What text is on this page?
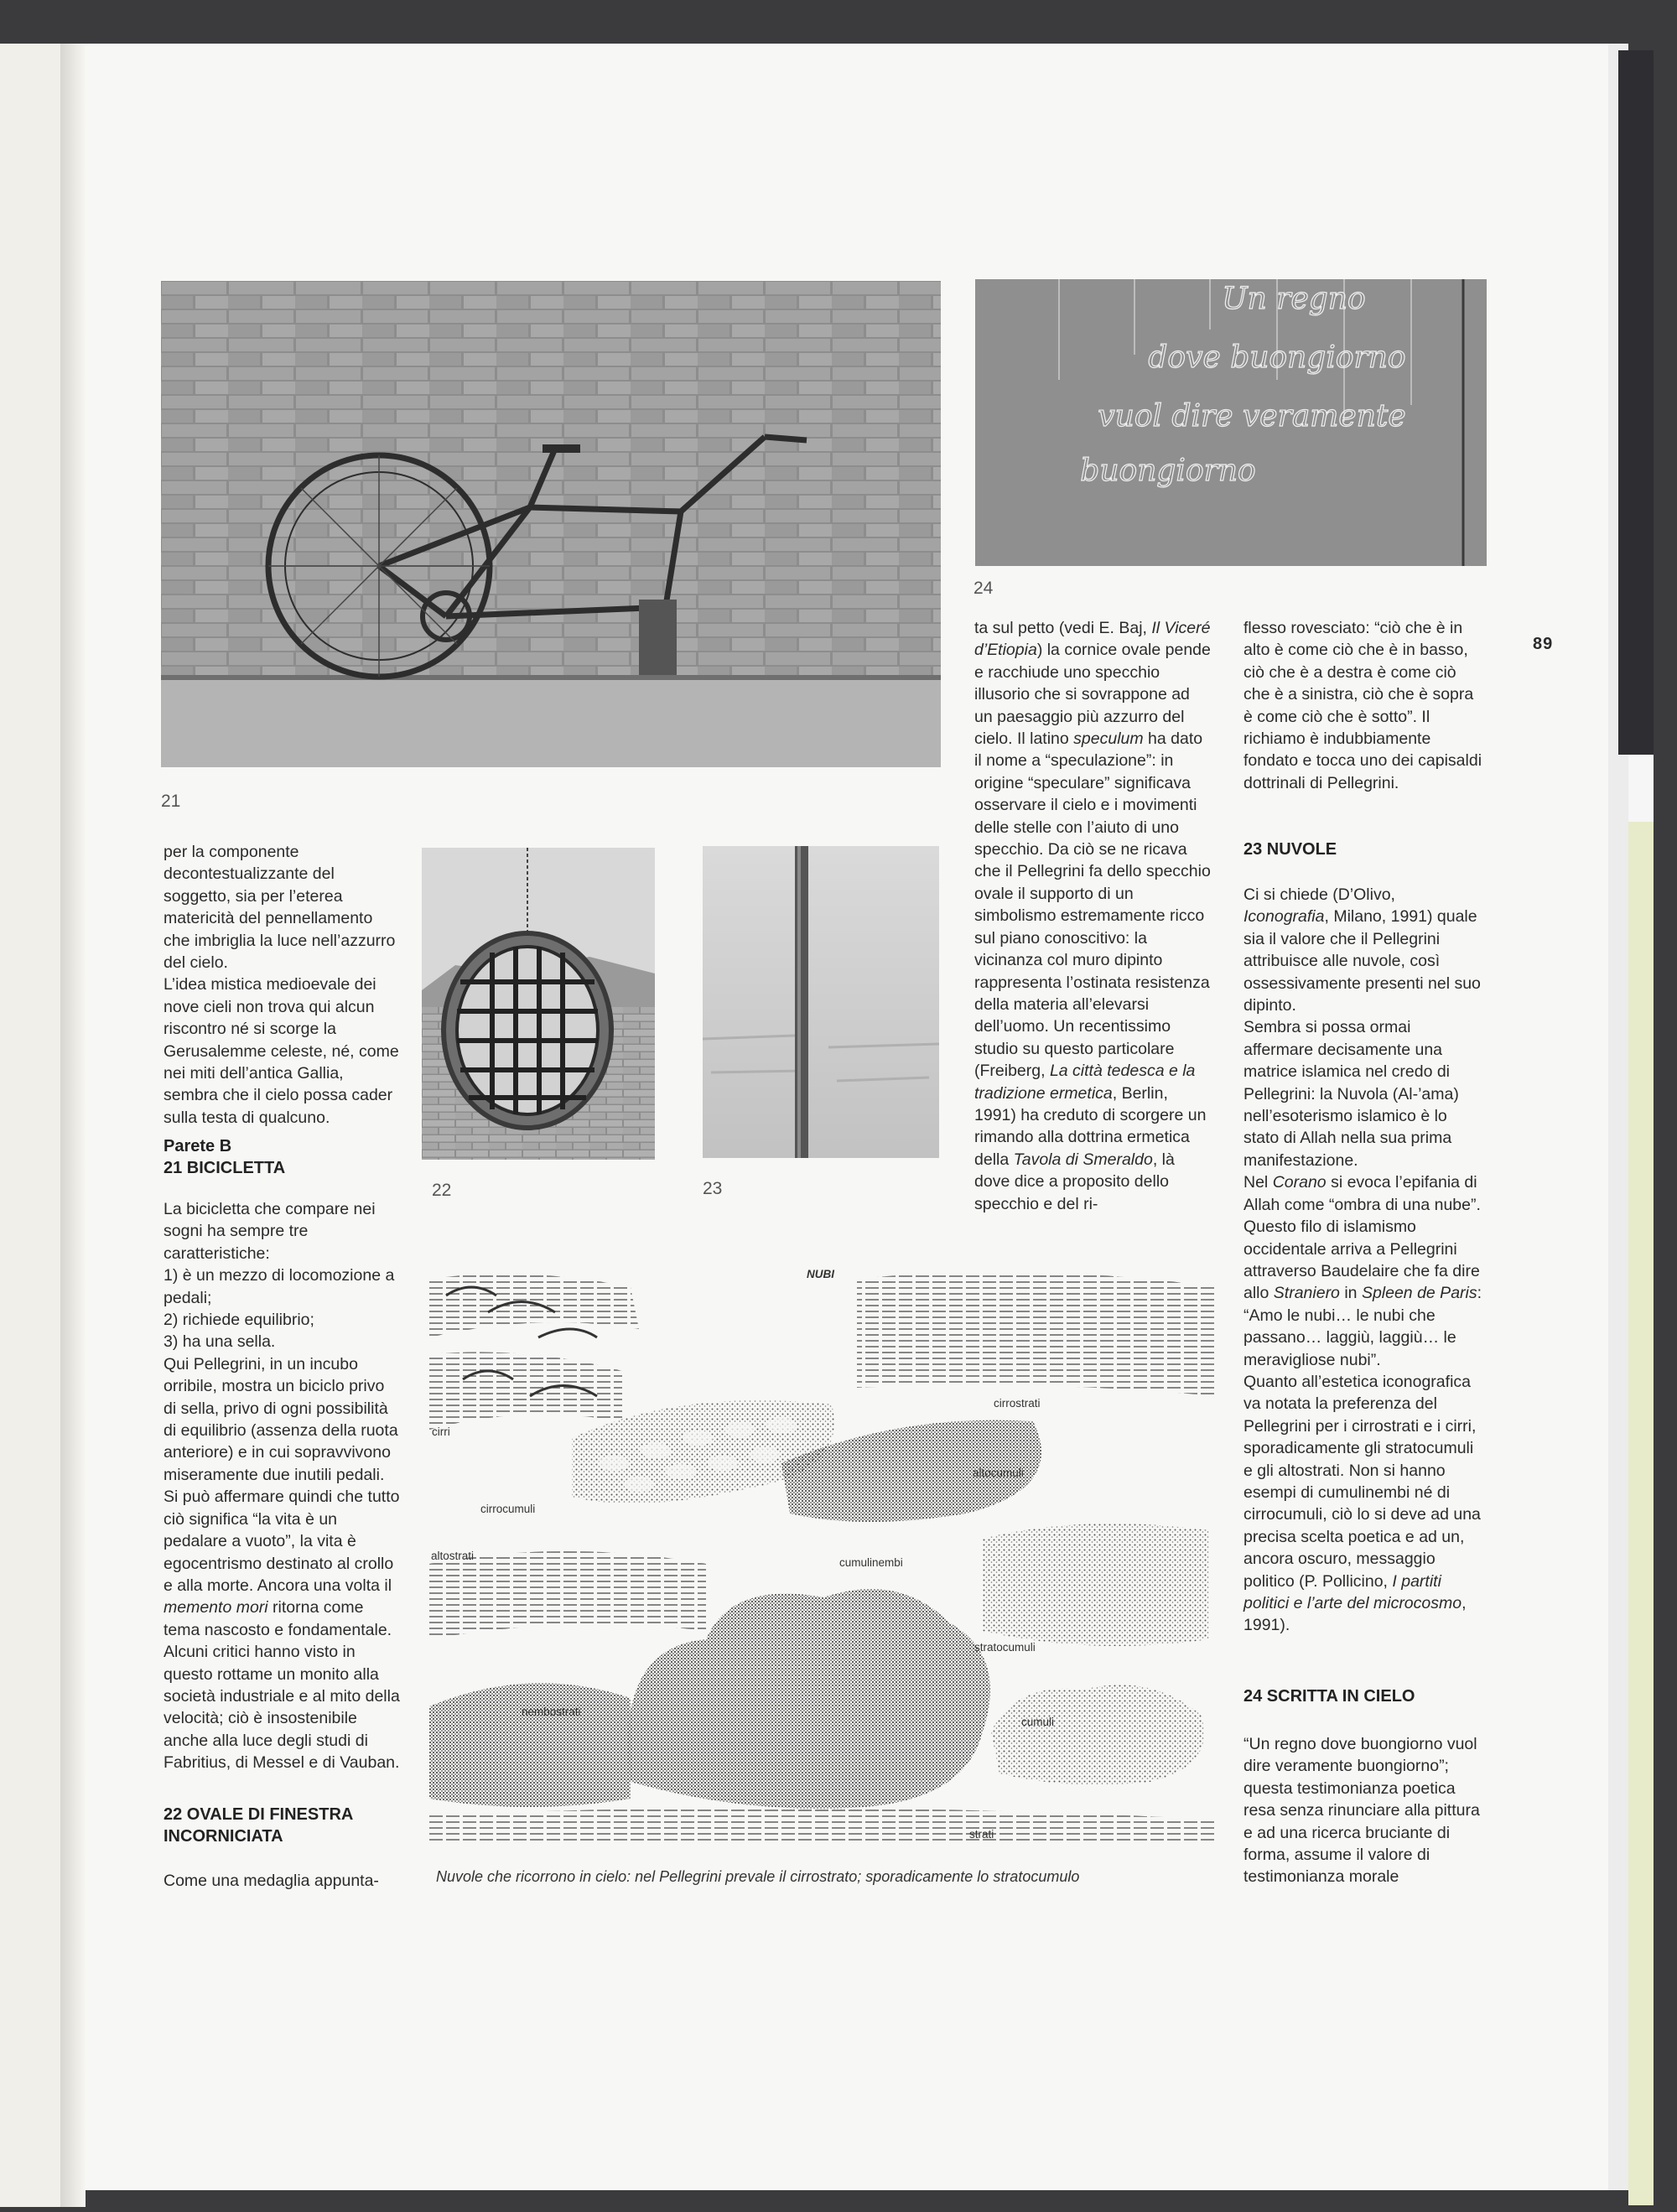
89
21
Un regno
dove buongiorno
vuol dire veramente
buongiorno
24
22	23

per la componente decontestualizzante del soggetto, sia per l’eterea matericità del pennellamento che imbriglia la luce nell’azzurro del cielo.

L’idea mistica medioevale dei nove cieli non trova qui alcun riscontro né si scorge la Gerusalemme celeste, né, come nei miti dell’antica Gallia, sembra che il cielo possa cader sulla testa di qualcuno.

Parete B
21 BICICLETTA

La bicicletta che compare nei sogni ha sempre tre caratteristiche:

1) è un mezzo di locomozione a pedali;

2) richiede equilibrio;

3) ha una sella.

Qui Pellegrini, in un incubo orribile, mostra un biciclo privo di sella, privo di ogni possibilità di equilibrio (assenza della ruota anteriore) e in cui sopravvivono miseramente due inutili pedali. Si può affermare quindi che tutto ciò significa “la vita è un pedalare a vuoto”, la vita è egocentrismo destinato al crollo e alla morte. Ancora una volta il memento mori ritorna come tema nascosto e fondamentale. Alcuni critici hanno visto in questo rottame un monito alla società industriale e al mito della velocità; ciò è insostenibile anche alla luce degli studi di Fabritius, di Messel e di Vauban.

22 OVALE DI FINESTRA INCORNICIATA
Come una medaglia appunta-

ta sul petto (vedi E. Baj, Il Viceré d’Etiopia) la cornice ovale pende e racchiude uno specchio illusorio che si sovrappone ad un paesaggio più azzurro del cielo. Il latino speculum ha dato il nome a “speculazione”: in origine “speculare” significava osservare il cielo e i movimenti delle stelle con l’aiuto di uno specchio. Da ciò se ne ricava che il Pellegrini fa dello specchio ovale il supporto di un simbolismo estremamente ricco sul piano conoscitivo: la vicinanza col muro dipinto rappresenta l’ostinata resistenza della materia all’elevarsi dell’uomo. Un recentissimo studio su questo particolare (Freiberg, La città tedesca e la tradizione ermetica, Berlin, 1991) ha creduto di scorgere un rimando alla dottrina ermetica della Tavola di Smeraldo, là dove dice a proposito dello specchio e del ri-

flesso rovesciato: “ciò che è in alto è come ciò che è in basso, ciò che è a destra è come ciò che è a sinistra, ciò che è sopra è come ciò che è sotto”. Il richiamo è indubbiamente fondato e tocca uno dei capisaldi dottrinali di Pellegrini.
23 NUVOLE

Ci si chiede (D’Olivo, Iconografia, Milano, 1991) quale sia il valore che il Pellegrini attribuisce alle nuvole, così ossessivamente presenti nel suo dipinto.

Sembra si possa ormai affermare decisamente una matrice islamica nel credo di Pellegrini: la Nuvola (Al-’ama) nell’esoterismo islamico è lo stato di Allah nella sua prima manifestazione.

Nel Corano si evoca l’epifania di Allah come “ombra di una nube”. Questo filo di islamismo occidentale arriva a Pellegrini attraverso Baudelaire che fa dire allo Straniero in Spleen de Paris: “Amo le nubi… le nubi che passano… laggiù, laggiù… le meravigliose nubi”.

Quanto all’estetica iconografica va notata la preferenza del Pellegrini per i cirrostrati e i cirri, sporadicamente gli stratocumuli e gli altostrati. Non si hanno esempi di cumulinembi né di cirrocumuli, ciò lo si deve ad una precisa scelta poetica e ad un, ancora oscuro, messaggio politico (P. Pollicino, I partiti politici e l’arte del microcosmo, 1991).

24 SCRITTA IN CIELO
“Un regno dove buongiorno vuol dire veramente buongiorno”; questa testimonianza poetica resa senza rinunciare alla pittura e ad una ricerca bruciante di forma, assume il valore di testimonianza morale
NUBI
cirri
cirrostrati
cirrocumuli
altocumuli
altostrati
cumulinembi
stratocumuli
nembostrati
cumuli
strati
Nuvole che ricorrono in cielo: nel Pellegrini prevale il cirrostrato; sporadicamente lo stratocumulo
